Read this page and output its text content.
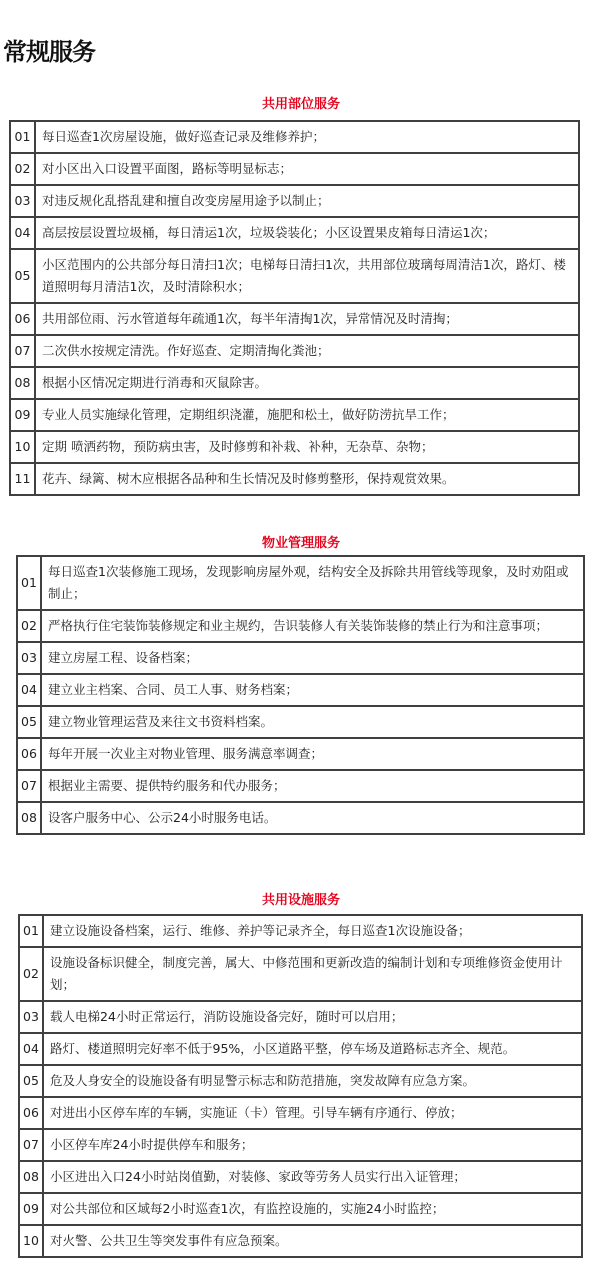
常规服务
共用部位服务
01	每日巡查1次房屋设施，做好巡查记录及维修养护；
02	对小区出入口设置平面图，路标等明显标志；
03	对违反规化乱搭乱建和擅自改变房屋用途予以制止；
04	高层按层设置垃圾桶，每日清运1次，垃圾袋装化；小区设置果皮箱每日清运1次；
05	小区范围内的公共部分每日清扫1次；电梯每日清扫1次，共用部位玻璃每周清洁1次，路灯、楼道照明每月清洁1次，及时清除积水；
06	共用部位雨、污水管道每年疏通1次，每半年清掏1次，异常情况及时清掏；
07	二次供水按规定清洗。作好巡查、定期清掏化粪池；
08	根据小区情况定期进行消毒和灭鼠除害。
09	专业人员实施绿化管理，定期组织浇灌，施肥和松土，做好防涝抗旱工作；
10	定期 喷洒药物，预防病虫害，及时修剪和补栽、补种，无杂草、杂物；
11	花卉、绿篱、树木应根据各品种和生长情况及时修剪整形，保持观赏效果。
物业管理服务
01	每日巡查1次装修施工现场，发现影响房屋外观，结构安全及拆除共用管线等现象，及时劝阻或制止；
02	严格执行住宅装饰装修规定和业主规约，告识装修人有关装饰装修的禁止行为和注意事项；
03	建立房屋工程、设备档案；
04	建立业主档案、合同、员工人事、财务档案；
05	建立物业管理运营及来往文书资料档案。
06	每年开展一次业主对物业管理、服务满意率调查；
07	根据业主需要、提供特约服务和代办服务；
08	设客户服务中心、公示24小时服务电话。
共用设施服务
01	建立设施设备档案，运行、维修、养护等记录齐全，每日巡查1次设施设备；
02	设施设备标识健全，制度完善，属大、中修范围和更新改造的编制计划和专项维修资金使用计划；
03	载人电梯24小时正常运行，消防设施设备完好，随时可以启用；
04	路灯、楼道照明完好率不低于95%，小区道路平整，停车场及道路标志齐全、规范。
05	危及人身安全的设施设备有明显警示标志和防范措施，突发故障有应急方案。
06	对进出小区停车库的车辆，实施证（卡）管理。引导车辆有序通行、停放；
07	小区停车库24小时提供停车和服务；
08	小区进出入口24小时站岗值勤，对装修、家政等劳务人员实行出入证管理；
09	对公共部位和区域每2小时巡查1次，有监控设施的，实施24小时监控；
10	对火警、公共卫生等突发事件有应急预案。
